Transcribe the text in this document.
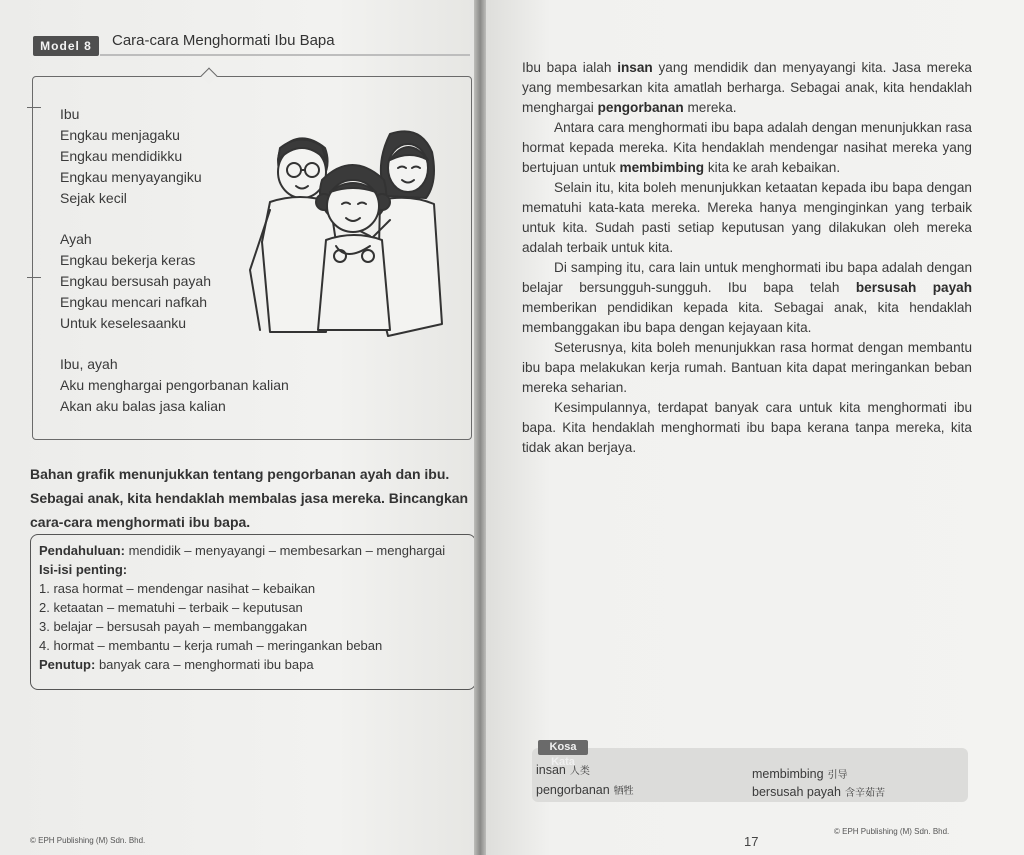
Model 8	Cara-cara Menghormati Ibu Bapa
Ibu
Engkau menjagaku
Engkau mendidikku
Engkau menyayangiku
Sejak kecil
Ayah
Engkau bekerja keras
Engkau bersusah payah
Engkau mencari nafkah
Untuk keselesaanku
Ibu, ayah
Aku menghargai pengorbanan kalian
Akan aku balas jasa kalian
Bahan grafik menunjukkan tentang pengorbanan ayah dan ibu. Sebagai anak, kita hendaklah membalas jasa mereka. Bincangkan cara-cara menghormati ibu bapa.
Pendahuluan: mendidik – menyayangi – membesarkan – menghargai
Isi-isi penting:
1. rasa hormat – mendengar nasihat – kebaikan
2. ketaatan – mematuhi – terbaik – keputusan
3. belajar – bersusah payah – membanggakan
4. hormat – membantu – kerja rumah – meringankan beban
Penutup: banyak cara – menghormati ibu bapa
© EPH Publishing (M) Sdn. Bhd.

Ibu bapa ialah insan yang mendidik dan menyayangi kita. Jasa mereka yang membesarkan kita amatlah berharga. Sebagai anak, kita hendaklah menghargai pengorbanan mereka.

Antara cara menghormati ibu bapa adalah dengan menunjukkan rasa hormat kepada mereka. Kita hendaklah mendengar nasihat mereka yang bertujuan untuk membimbing kita ke arah kebaikan.

Selain itu, kita boleh menunjukkan ketaatan kepada ibu bapa dengan mematuhi kata-kata mereka. Mereka hanya menginginkan yang terbaik untuk kita. Sudah pasti setiap keputusan yang dilakukan oleh mereka adalah terbaik untuk kita.

Di samping itu, cara lain untuk menghormati ibu bapa adalah dengan belajar bersungguh-sungguh. Ibu bapa telah bersusah payah memberikan pendidikan kepada kita. Sebagai anak, kita hendaklah membanggakan ibu bapa dengan kejayaan kita.

Seterusnya, kita boleh menunjukkan rasa hormat dengan membantu ibu bapa melakukan kerja rumah. Bantuan kita dapat meringankan beban mereka seharian.

Kesimpulannya, terdapat banyak cara untuk kita menghormati ibu bapa. Kita hendaklah menghormati ibu bapa kerana tanpa mereka, kita tidak akan berjaya.

insan 人类
pengorbanan 牺牲
membimbing 引导
bersusah payah 含辛茹苦
Kosa Kata
17
© EPH Publishing (M) Sdn. Bhd.
